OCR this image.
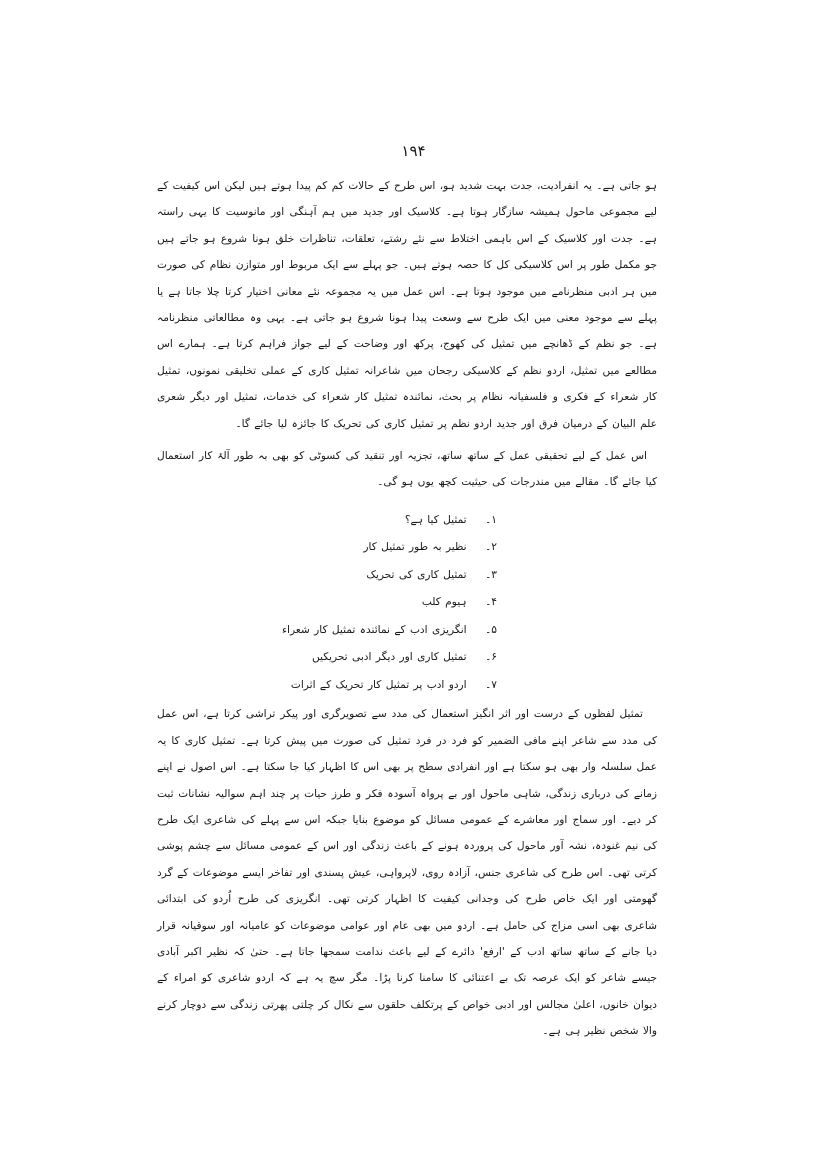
۱۹۴

ہو جاتی ہے۔ یہ انفرادیت، جدت بہت شدید ہو، اس طرح کے حالات کم کم پیدا ہوتے ہیں لیکن اس کیفیت کے لیے مجموعی ماحول ہمیشہ سازگار ہوتا ہے۔ کلاسیک اور جدید میں ہم آہنگی اور مانوسیت کا یہی راستہ ہے۔ جدت اور کلاسیک کے اس باہمی اختلاط سے نئے رشتے، تعلقات، تناظرات خلق ہونا شروع ہو جاتے ہیں جو مکمل طور پر اس کلاسیکی کل کا حصہ ہوتے ہیں۔ جو پہلے سے ایک مربوط اور متوازن نظام کی صورت میں ہر ادبی منظرنامے میں موجود ہوتا ہے۔ اس عمل میں یہ مجموعہ نئے معانی اختیار کرتا چلا جاتا ہے یا پہلے سے موجود معنی میں ایک طرح سے وسعت پیدا ہونا شروع ہو جاتی ہے۔ یہی وہ مطالعاتی منظرنامہ ہے۔ جو نظم کے ڈھانچے میں تمثیل کی کھوج، پرکھ اور وضاحت کے لیے جواز فراہم کرتا ہے۔ ہمارے اس مطالعے میں تمثیل، اردو نظم کے کلاسیکی رجحان میں شاعرانہ تمثیل کاری کے عملی تخلیقی نمونوں، تمثیل کار شعراء کے فکری و فلسفیانہ نظام پر بحث، نمائندہ تمثیل کار شعراء کی خدمات، تمثیل اور دیگر شعری علم البیان کے درمیان فرق اور جدید اردو نظم پر تمثیل کاری کی تحریک کا جائزہ لیا جائے گا۔

اس عمل کے لیے تحقیقی عمل کے ساتھ ساتھ، تجزیہ اور تنقید کی کسوٹی کو بھی بہ طور آلۂ کار استعمال کیا جائے گا۔ مقالے میں مندرجات کی حیثیت کچھ یوں ہو گی۔

۱۔ تمثیل کیا ہے؟
۲۔ نظیر بہ طور تمثیل کار
۳۔ تمثیل کاری کی تحریک
۴۔ ہیوم کلب
۵۔ انگریزی ادب کے نمائندہ تمثیل کار شعراء
۶۔ تمثیل کاری اور دیگر ادبی تحریکیں
۷۔ اردو ادب پر تمثیل کار تحریک کے اثرات

تمثیل لفظوں کے درست اور اثر انگیز استعمال کی مدد سے تصویرگری اور پیکر تراشی کرتا ہے، اس عمل کی مدد سے شاعر اپنے مافی الضمیر کو فرد در فرد تمثیل کی صورت میں پیش کرتا ہے۔ تمثیل کاری کا یہ عمل سلسلہ وار بھی ہو سکتا ہے اور انفرادی سطح پر بھی اس کا اظہار کیا جا سکتا ہے۔ اس اصول نے اپنے زمانے کی درباری زندگی، شاہی ماحول اور بے پرواہ آسودہ فکر و طرز حیات پر چند اہم سوالیہ نشانات ثبت کر دیے۔ اور سماج اور معاشرے کے عمومی مسائل کو موضوع بنایا جبکہ اس سے پہلے کی شاعری ایک طرح کی نیم غنودہ، نشہ آور ماحول کی پروردہ ہونے کے باعث زندگی اور اس کے عمومی مسائل سے چشم پوشی کرتی تھی۔ اس طرح کی شاعری جنس، آزادہ روی، لاپرواہی، عیش پسندی اور تفاخر ایسے موضوعات کے گرد گھومتی اور ایک خاص طرح کی وجدانی کیفیت کا اظہار کرتی تھی۔ انگریزی کی طرح اُردو کی ابتدائی شاعری بھی اسی مزاج کی حامل ہے۔ اردو میں بھی عام اور عوامی موضوعات کو عامیانہ اور سوقیانہ قرار دیا جانے کے ساتھ ساتھ ادب کے 'ارفع' دائرے کے لیے باعث ندامت سمجھا جاتا ہے۔ حتیٰ کہ نظیر اکبر آبادی جیسے شاعر کو ایک عرصہ تک بے اعتنائی کا سامنا کرنا پڑا۔ مگر سچ یہ ہے کہ اردو شاعری کو امراء کے دیوان خانوں، اعلیٰ مجالس اور ادبی خواص کے پرتکلف حلقوں سے نکال کر چلتی پھرتی زندگی سے دوچار کرنے والا شخص نظیر ہی ہے۔
